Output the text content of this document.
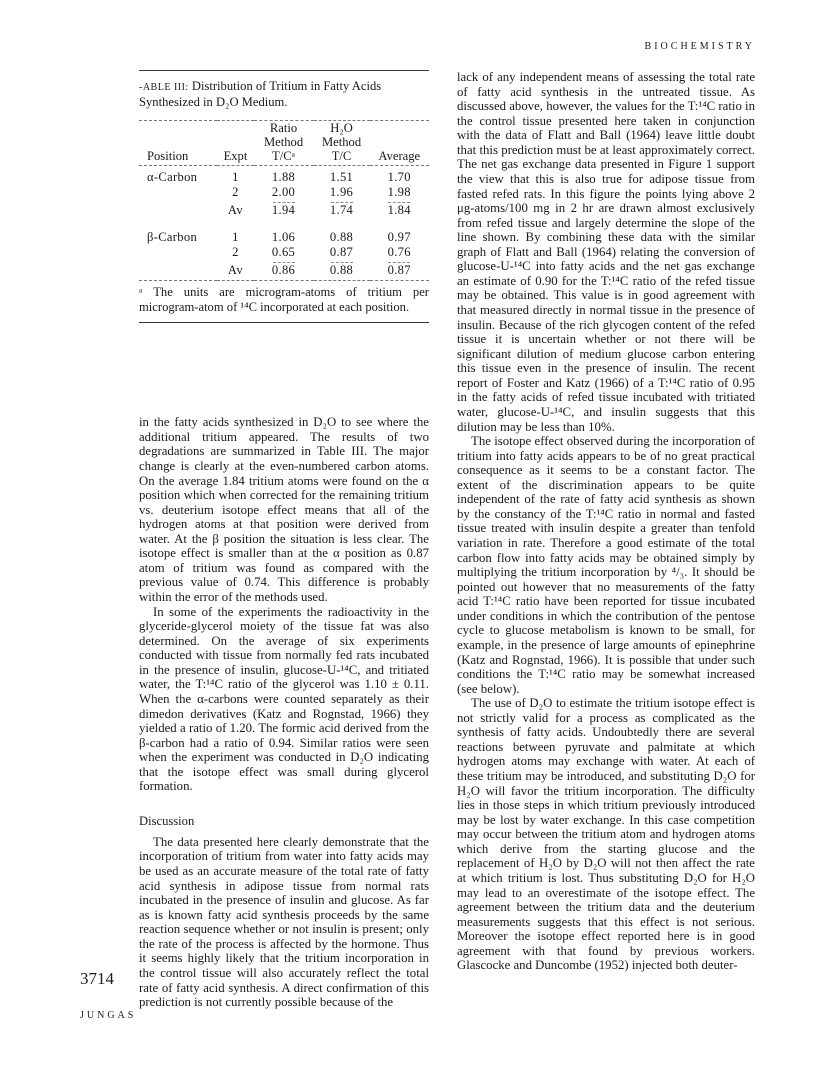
BIOCHEMISTRY

-ABLE III: Distribution of Tritium in Fatty Acids Synthesized in D₂O Medium.

Position	Expt	Ratio Method T/Cᵃ	H₂O Method T/C	Average
α-Carbon	1	1.88	1.51	1.70
	2	2.00	1.96	1.98

	Av	1.94	1.74	1.84
β-Carbon	1	1.06	0.88	0.97
	2	0.65	0.87	0.76

	Av	0.86	0.88	0.87

ᵃ The units are microgram-atoms of tritium per microgram-atom of ¹⁴C incorporated at each position.

in the fatty acids synthesized in D₂O to see where the additional tritium appeared. The results of two degradations are summarized in Table III. The major change is clearly at the even-numbered carbon atoms. On the average 1.84 tritium atoms were found on the α position which when corrected for the remaining tritium vs. deuterium isotope effect means that all of the hydrogen atoms at that position were derived from water. At the β position the situation is less clear. The isotope effect is smaller than at the α position as 0.87 atom of tritium was found as compared with the previous value of 0.74. This difference is probably within the error of the methods used.

In some of the experiments the radioactivity in the glyceride-glycerol moiety of the tissue fat was also determined. On the average of six experiments conducted with tissue from normally fed rats incubated in the presence of insulin, glucose-U-¹⁴C, and tritiated water, the T:¹⁴C ratio of the glycerol was 1.10 ± 0.11. When the α-carbons were counted separately as their dimedon derivatives (Katz and Rognstad, 1966) they yielded a ratio of 1.20. The formic acid derived from the β-carbon had a ratio of 0.94. Similar ratios were seen when the experiment was conducted in D₂O indicating that the isotope effect was small during glycerol formation.

Discussion

The data presented here clearly demonstrate that the incorporation of tritium from water into fatty acids may be used as an accurate measure of the total rate of fatty acid synthesis in adipose tissue from normal rats incubated in the presence of insulin and glucose. As far as is known fatty acid synthesis proceeds by the same reaction sequence whether or not insulin is present; only the rate of the process is affected by the hormone. Thus it seems highly likely that the tritium incorporation in the control tissue will also accurately reflect the total rate of fatty acid synthesis. A direct confirmation of this prediction is not currently possible because of the

lack of any independent means of assessing the total rate of fatty acid synthesis in the untreated tissue. As discussed above, however, the values for the T:¹⁴C ratio in the control tissue presented here taken in conjunction with the data of Flatt and Ball (1964) leave little doubt that this prediction must be at least approximately correct. The net gas exchange data presented in Figure 1 support the view that this is also true for adipose tissue from fasted refed rats. In this figure the points lying above 2 μg-atoms/100 mg in 2 hr are drawn almost exclusively from refed tissue and largely determine the slope of the line shown. By combining these data with the similar graph of Flatt and Ball (1964) relating the conversion of glucose-U-¹⁴C into fatty acids and the net gas exchange an estimate of 0.90 for the T:¹⁴C ratio of the refed tissue may be obtained. This value is in good agreement with that measured directly in normal tissue in the presence of insulin. Because of the rich glycogen content of the refed tissue it is uncertain whether or not there will be significant dilution of medium glucose carbon entering this tissue even in the presence of insulin. The recent report of Foster and Katz (1966) of a T:¹⁴C ratio of 0.95 in the fatty acids of refed tissue incubated with tritiated water, glucose-U-¹⁴C, and insulin suggests that this dilution may be less than 10%.

The isotope effect observed during the incorporation of tritium into fatty acids appears to be of no great practical consequence as it seems to be a constant factor. The extent of the discrimination appears to be quite independent of the rate of fatty acid synthesis as shown by the constancy of the T:¹⁴C ratio in normal and fasted tissue treated with insulin despite a greater than tenfold variation in rate. Therefore a good estimate of the total carbon flow into fatty acids may be obtained simply by multiplying the tritium incorporation by ⁴/₃. It should be pointed out however that no measurements of the fatty acid T:¹⁴C ratio have been reported for tissue incubated under conditions in which the contribution of the pentose cycle to glucose metabolism is known to be small, for example, in the presence of large amounts of epinephrine (Katz and Rognstad, 1966). It is possible that under such conditions the T:¹⁴C ratio may be somewhat increased (see below).

The use of D₂O to estimate the tritium isotope effect is not strictly valid for a process as complicated as the synthesis of fatty acids. Undoubtedly there are several reactions between pyruvate and palmitate at which hydrogen atoms may exchange with water. At each of these tritium may be introduced, and substituting D₂O for H₂O will favor the tritium incorporation. The difficulty lies in those steps in which tritium previously introduced may be lost by water exchange. In this case competition may occur between the tritium atom and hydrogen atoms which derive from the starting glucose and the replacement of H₂O by D₂O will not then affect the rate at which tritium is lost. Thus substituting D₂O for H₂O may lead to an overestimate of the isotope effect. The agreement between the tritium data and the deuterium measurements suggests that this effect is not serious. Moreover the isotope effect reported here is in good agreement with that found by previous workers. Glascocke and Duncombe (1952) injected both deuter-

3714
JUNGAS
